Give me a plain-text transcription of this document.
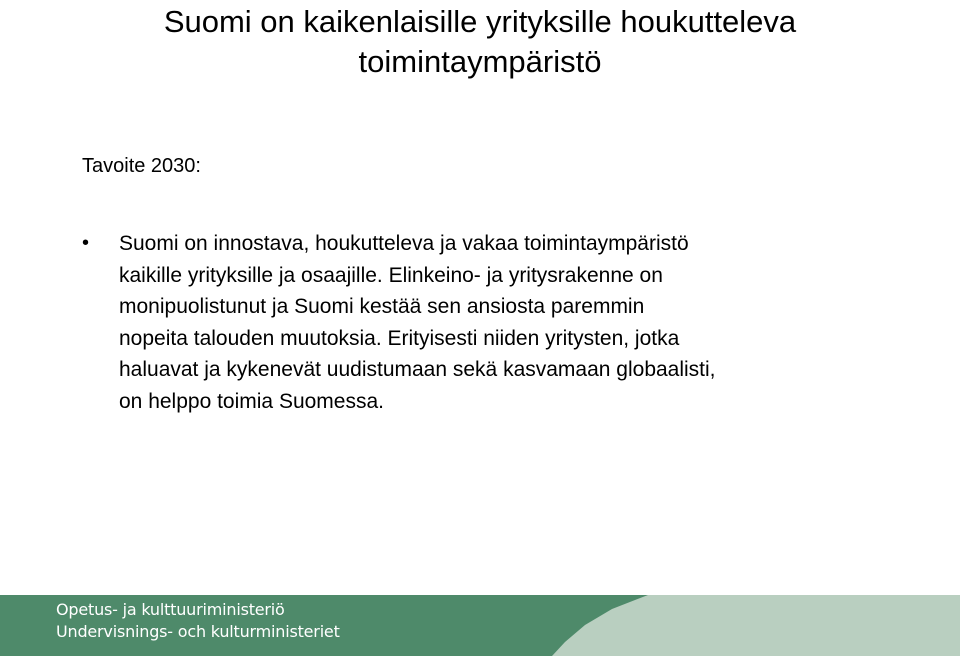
Suomi on kaikenlaisille yrityksille houkutteleva
toimintaympäristö
Tavoite 2030:
•	Suomi on innostava, houkutteleva ja vakaa toimintaympäristö
kaikille yrityksille ja osaajille. Elinkeino- ja yritysrakenne on
monipuolistunut ja Suomi kestää sen ansiosta paremmin
nopeita talouden muutoksia. Erityisesti niiden yritysten, jotka
haluavat ja kykenevät uudistumaan sekä kasvamaan globaalisti,
on helppo toimia Suomessa.
Opetus- ja kulttuuriministeriö
Undervisnings- och kulturministeriet
